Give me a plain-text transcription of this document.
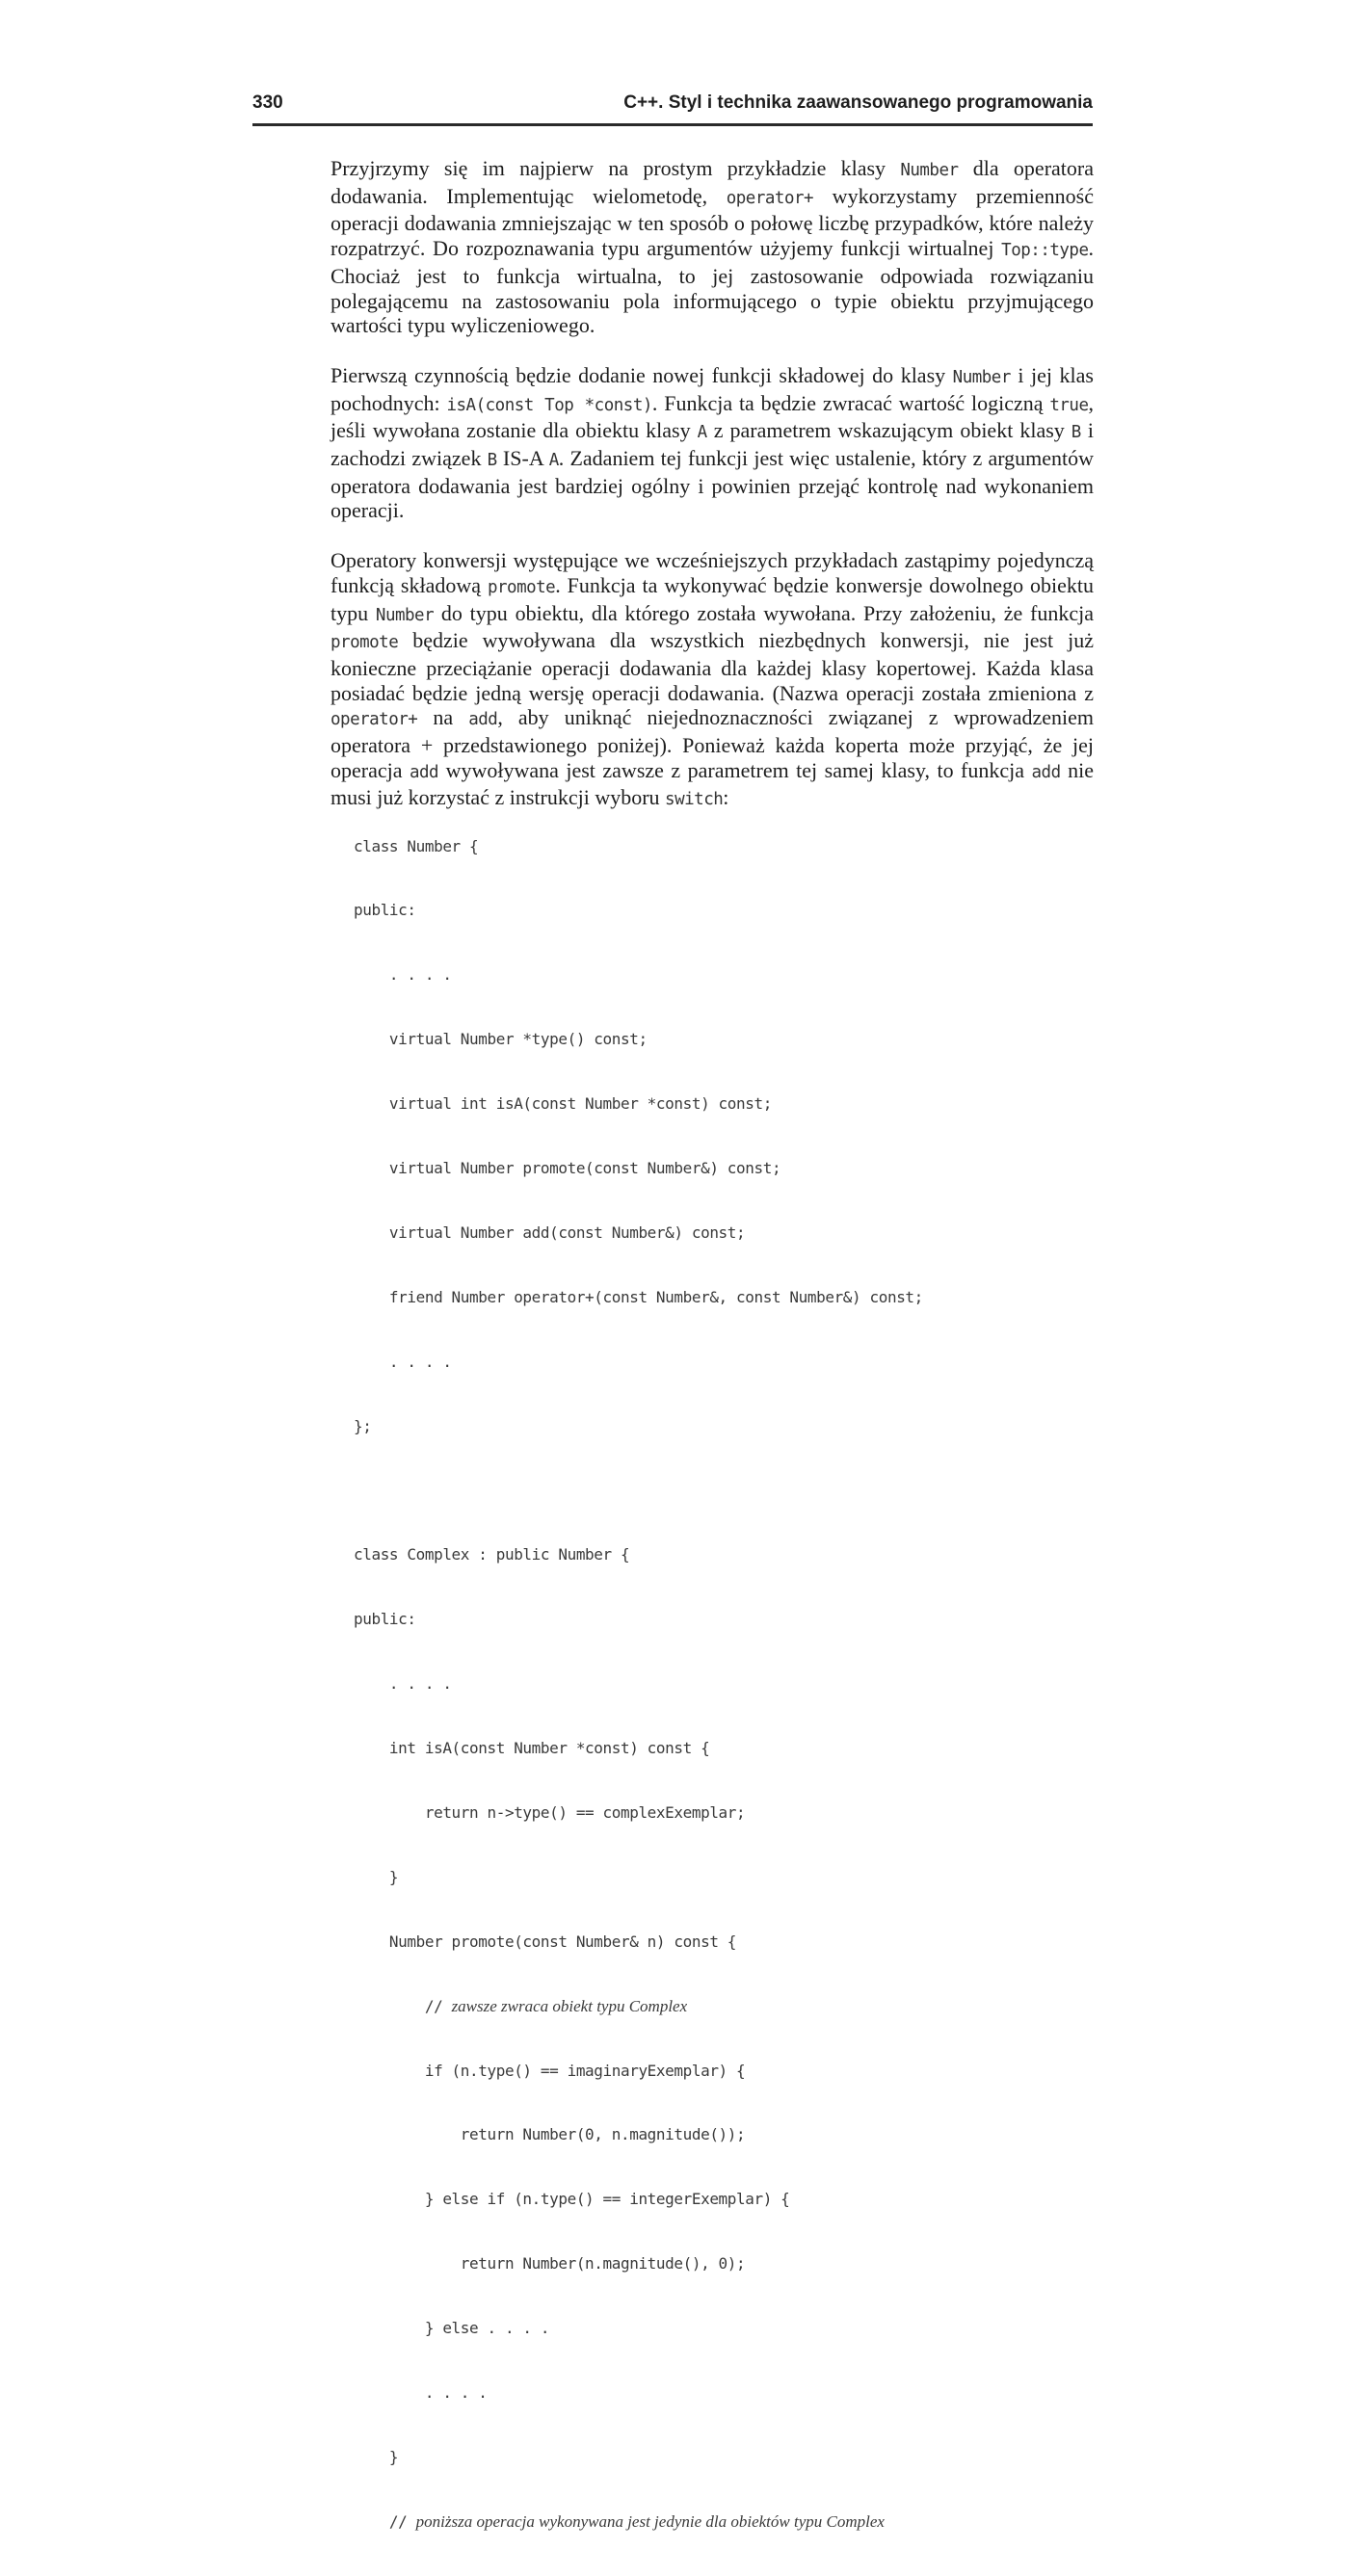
330	C++. Styl i technika zaawansowanego programowania

Przyjrzymy się im najpierw na prostym przykładzie klasy Number dla operatora dodawania. Implementując wielometodę, operator+ wykorzystamy przemienność operacji dodawania zmniejszając w ten sposób o połowę liczbę przypadków, które należy rozpatrzyć. Do rozpoznawania typu argumentów użyjemy funkcji wirtualnej Top::type. Chociaż jest to funkcja wirtualna, to jej zastosowanie odpowiada rozwiązaniu polegającemu na zastosowaniu pola informującego o typie obiektu przyjmującego wartości typu wyliczeniowego.

Pierwszą czynnością będzie dodanie nowej funkcji składowej do klasy Number i jej klas pochodnych: isA(const Top *const). Funkcja ta będzie zwracać wartość logiczną true, jeśli wywołana zostanie dla obiektu klasy A z parametrem wskazującym obiekt klasy B i zachodzi związek B IS-A A. Zadaniem tej funkcji jest więc ustalenie, który z argumentów operatora dodawania jest bardziej ogólny i powinien przejąć kontrolę nad wykonaniem operacji.

Operatory konwersji występujące we wcześniejszych przykładach zastąpimy pojedynczą funkcją składową promote. Funkcja ta wykonywać będzie konwersje dowolnego obiektu typu Number do typu obiektu, dla którego została wywołana. Przy założeniu, że funkcja promote będzie wywoływana dla wszystkich niezbędnych konwersji, nie jest już konieczne przeciążanie operacji dodawania dla każdej klasy kopertowej. Każda klasa posiadać będzie jedną wersję operacji dodawania. (Nazwa operacji została zmieniona z operator+ na add, aby uniknąć niejednoznaczności związanej z wprowadzeniem operatora + przedstawionego poniżej). Ponieważ każda koperta może przyjąć, że jej operacja add wywoływana jest zawsze z parametrem tej samej klasy, to funkcja add nie musi już korzystać z instrukcji wyboru switch:

class Number {

public:

. . . .

virtual Number *type() const;

virtual int isA(const Number *const) const;

virtual Number promote(const Number&) const;

virtual Number add(const Number&) const;

friend Number operator+(const Number&, const Number&) const;

. . . .

};

class Complex : public Number {

public:

. . . .

int isA(const Number *const) const {

return n->type() == complexExemplar;

}

Number promote(const Number& n) const {

// zawsze zwraca obiekt typu Complex

if (n.type() == imaginaryExemplar) {

return Number(0, n.magnitude());

} else if (n.type() == integerExemplar) {

return Number(n.magnitude(), 0);

} else . . . .

. . . .

}

// poniższa operacja wykonywana jest jedynie dla obiektów typu Complex
